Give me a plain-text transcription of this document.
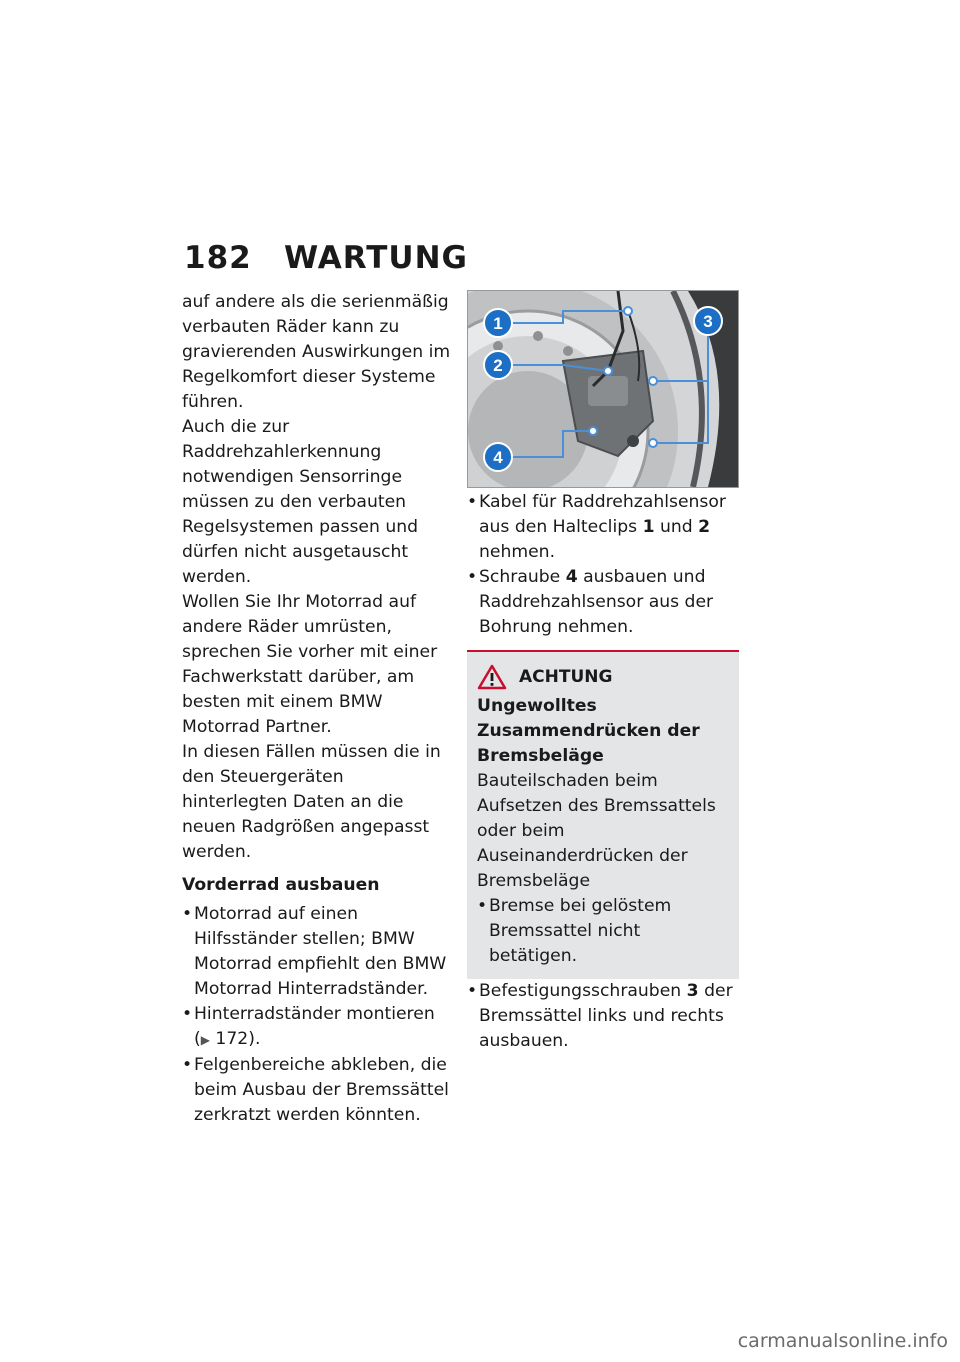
182 WARTUNG

auf andere als die serienmäßig verbauten Räder kann zu gravierenden Auswirkungen im Regelkomfort dieser Systeme führen.

Auch die zur Raddrehzahlerkennung notwendigen Sensorringe müssen zu den verbauten Regelsystemen passen und dürfen nicht ausgetauscht werden.

Wollen Sie Ihr Motorrad auf andere Räder umrüsten, sprechen Sie vorher mit einer Fachwerkstatt darüber, am besten mit einem BMW Motorrad Partner.

In diesen Fällen müssen die in den Steuergeräten hinterlegten Daten an die neuen Radgrößen angepasst werden.

Vorderrad ausbauen
• Motorrad auf einen Hilfsständer stellen; BMW Motorrad empfiehlt den BMW Motorrad Hinterradständer.
• Hinterradständer montieren (▶ 172).
• Felgenbereiche abkleben, die beim Ausbau der Bremssättel zerkratzt werden könnten.
1
2
3
4
• Kabel für Raddrehzahlsensor aus den Halteclips 1 und 2 nehmen.
• Schraube 4 ausbauen und Raddrehzahlsensor aus der Bohrung nehmen.
ACHTUNG
Ungewolltes Zusammendrücken der Bremsbeläge
Bauteilschaden beim Aufsetzen des Bremssattels oder beim Auseinanderdrücken der Bremsbeläge
• Bremse bei gelöstem Bremssattel nicht betätigen.
• Befestigungsschrauben 3 der Bremssättel links und rechts ausbauen.
carmanualsonline.info
